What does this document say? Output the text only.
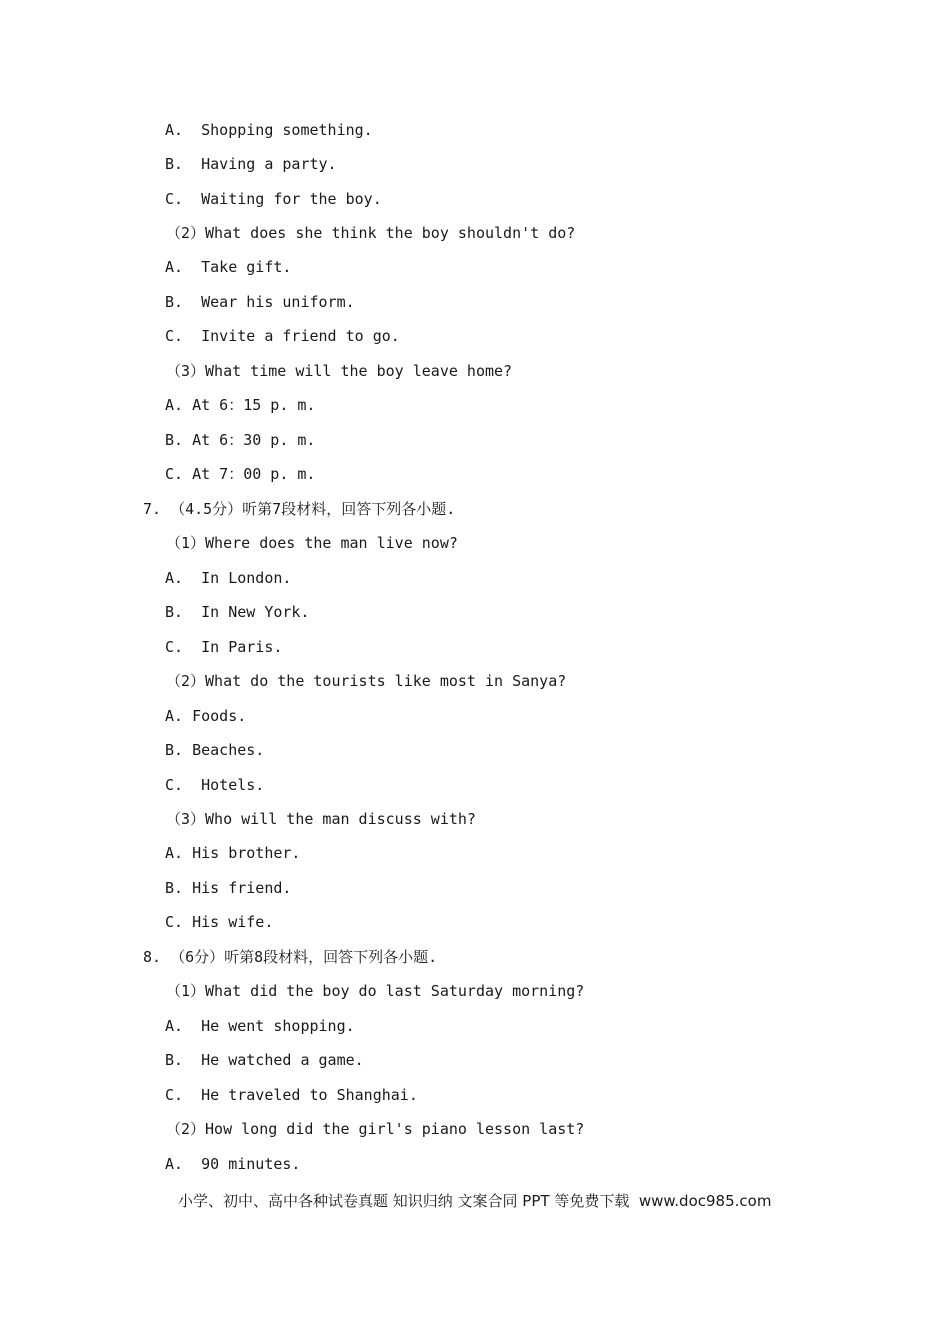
A.  Shopping something.
B.  Having a party.
C.  Waiting for the boy.
（2）What does she think the boy shouldn't do?
A.  Take gift.
B.  Wear his uniform.
C.  Invite a friend to go.
（3）What time will the boy leave home?
A. At 6：15 p. m.
B. At 6：30 p. m.
C. At 7：00 p. m.
7. （4.5分）听第7段材料，回答下列各小题.
（1）Where does the man live now?
A.  In London.
B.  In New York.
C.  In Paris.
（2）What do the tourists like most in Sanya?
A. Foods.
B. Beaches.
C.  Hotels.
（3）Who will the man discuss with?
A. His brother.
B. His friend.
C. His wife.
8. （6分）听第8段材料，回答下列各小题.
（1）What did the boy do last Saturday morning?
A.  He went shopping.
B.  He watched a game.
C.  He traveled to Shanghai.
（2）How long did the girl's piano lesson last?
A.  90 minutes.
小学、初中、高中各种试卷真题 知识归纳 文案合同 PPT 等免费下载  www.doc985.com
